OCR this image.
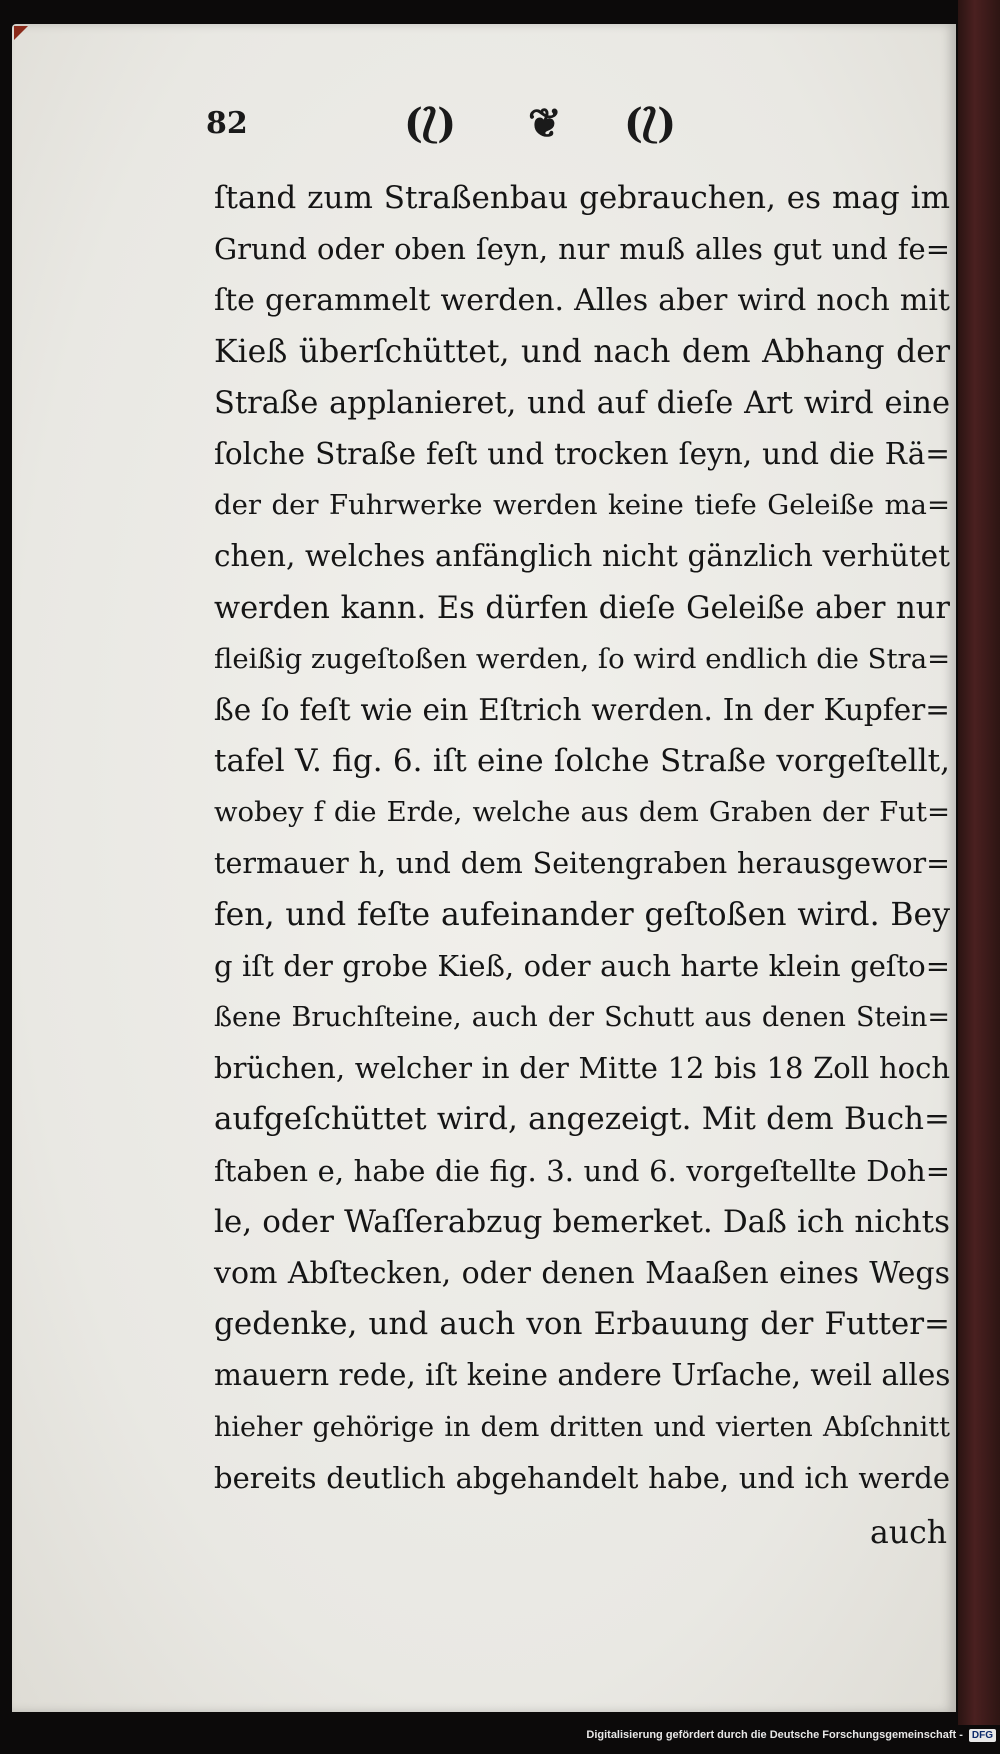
82	(⟅) ❦ (⟅)
ſtand zum Straßenbau gebrauchen, es mag im
Grund oder oben ſeyn, nur muß alles gut und fe=
ſte gerammelt werden. Alles aber wird noch mit
Kieß überſchüttet, und nach dem Abhang der
Straße applanieret, und auf dieſe Art wird eine
ſolche Straße feſt und trocken ſeyn, und die Rä=
der der Fuhrwerke werden keine tiefe Geleiße ma=
chen, welches anfänglich nicht gänzlich verhütet
werden kann. Es dürfen dieſe Geleiße aber nur
fleißig zugeſtoßen werden, ſo wird endlich die Stra=
ße ſo feſt wie ein Eſtrich werden. In der Kupfer=
tafel V. fig. 6. iſt eine ſolche Straße vorgeſtellt,
wobey f die Erde, welche aus dem Graben der Fut=
termauer h, und dem Seitengraben herausgewor=
fen, und feſte aufeinander geſtoßen wird. Bey
g iſt der grobe Kieß, oder auch harte klein geſto=
ßene Bruchſteine, auch der Schutt aus denen Stein=
brüchen, welcher in der Mitte 12 bis 18 Zoll hoch
aufgeſchüttet wird, angezeigt. Mit dem Buch=
ſtaben e, habe die fig. 3. und 6. vorgeſtellte Doh=
le, oder Waſſerabzug bemerket. Daß ich nichts
vom Abſtecken, oder denen Maaßen eines Wegs
gedenke, und auch von Erbauung der Futter=
mauern rede, iſt keine andere Urſache, weil alles
hieher gehörige in dem dritten und vierten Abſchnitt
bereits deutlich abgehandelt habe, und ich werde
auch
Digitalisierung gefördert durch die Deutsche Forschungsgemeinschaft - DFG
